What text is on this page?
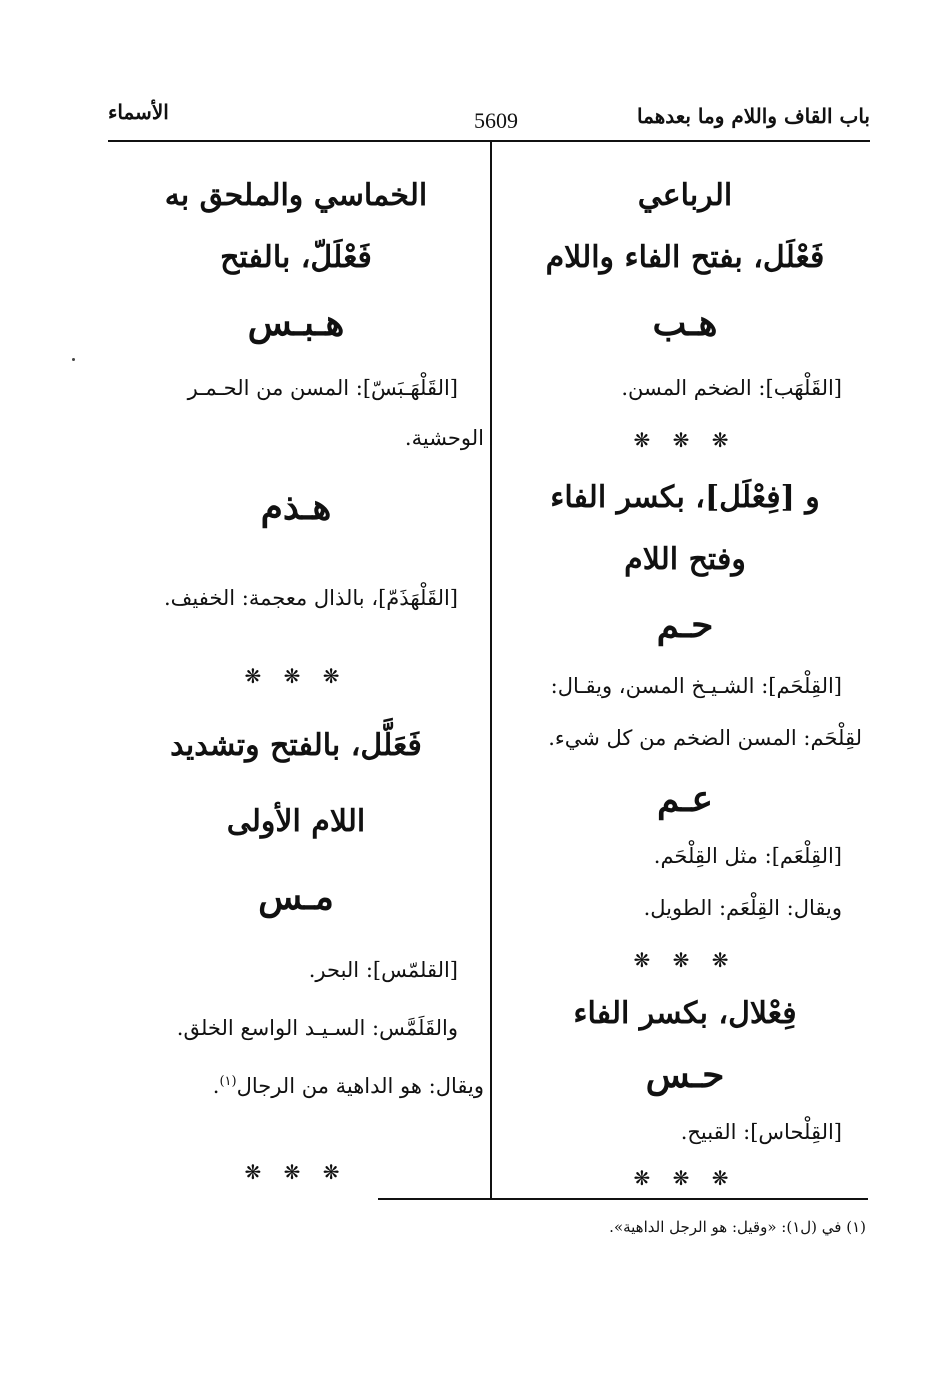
باب القاف واللام وما بعدهما
5609
الأسماء
الرباعي
فَعْلَل، بفتح الفاء واللام
هـب
[القَلْهَب]: الضخم المسن.
❋ ❋ ❋
و [فِعْلَل]، بكسر الفاء
وفتح اللام
حـم
[القِلْحَم]: الشـيـخ المسن، ويقـال:
لقِلْحَم: المسن الضخم من كل شيء.
عـم
[القِلْعَم]: مثل القِلْحَم.
ويقال: القِلْعَم: الطويل.
❋ ❋ ❋
فِعْلال، بكسر الفاء
حـس
[القِلْحاس]: القبيح.
❋ ❋ ❋
الخماسي والملحق به
فَعْلَلّ، بالفتح
هـبـس
[القَلْهَـبَسّ]: المسن من الحـمـر
الوحشية.
هـذم
[القَلْهَذَمّ]، بالذال معجمة: الخفيف.
❋ ❋ ❋
فَعَلَّل، بالفتح وتشديد
اللام الأولى
مـس
[القلمّس]: البحر.
والقَلَمَّس: السـيـد الواسع الخلق.
ويقال: هو الداهية من الرجال$^{(١)}$.
❋ ❋ ❋
(١) في (ل١): «وقيل: هو الرجل الداهية».
